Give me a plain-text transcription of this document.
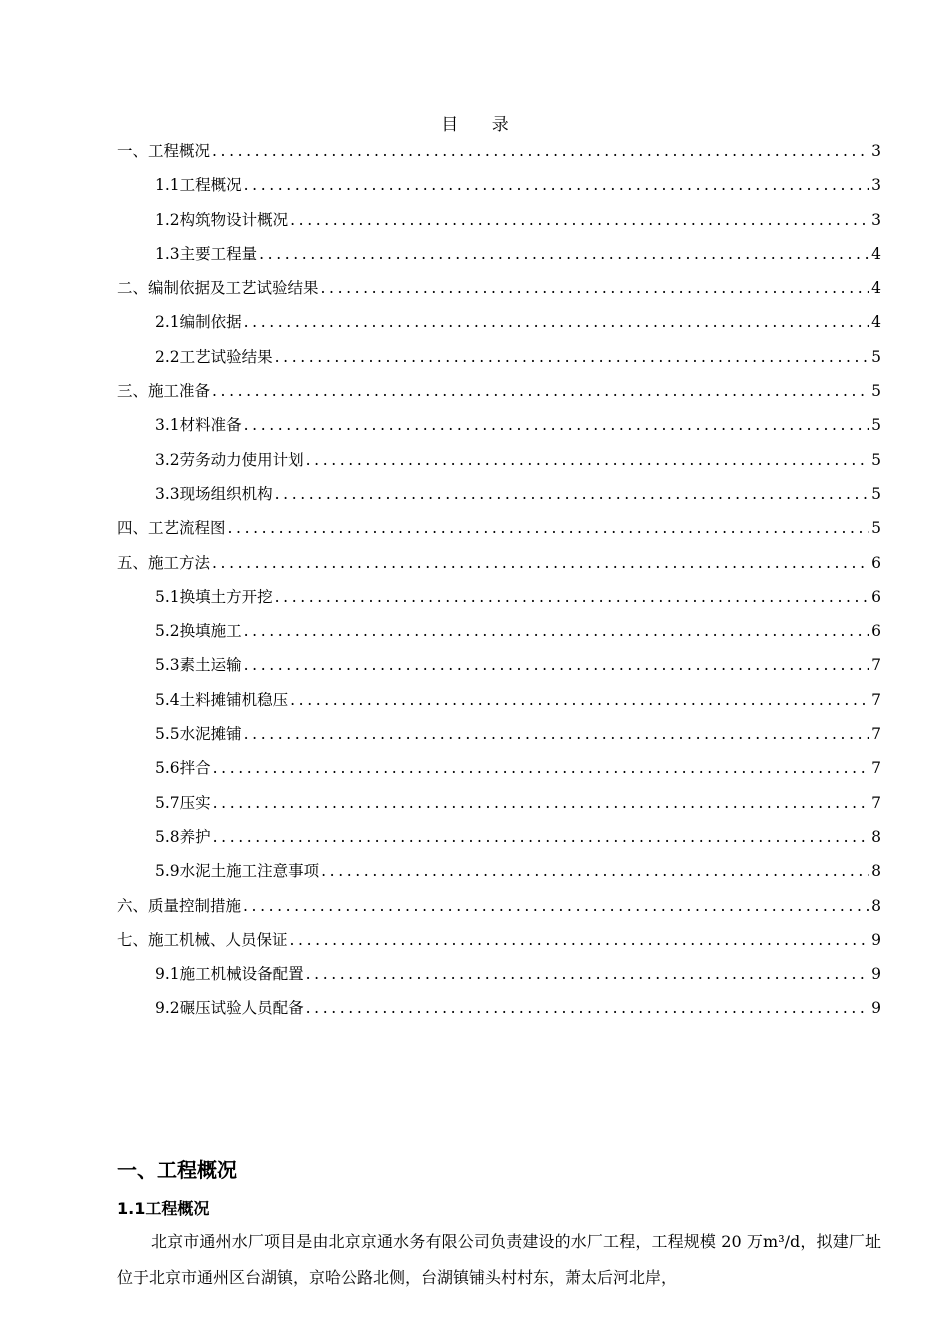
目 录
一、工程概况 .....	3
1.1工程概况 .....	3
1.2构筑物设计概况 .....	3
1.3主要工程量 .....	4
二、编制依据及工艺试验结果 .....	4
2.1编制依据 .....	4
2.2工艺试验结果 .....	5
三、施工准备 .....	5
3.1材料准备 .....	5
3.2劳务动力使用计划 .....	5
3.3现场组织机构 .....	5
四、工艺流程图 .....	5
五、施工方法 .....	6
5.1换填土方开挖 .....	6
5.2换填施工 .....	6
5.3素土运输 .....	7
5.4土料摊铺机稳压 .....	7
5.5水泥摊铺 .....	7
5.6拌合 .....	7
5.7压实 .....	7
5.8养护 .....	8
5.9水泥土施工注意事项 .....	8
六、质量控制措施 .....	8
七、施工机械、人员保证 .....	9
9.1施工机械设备配置 .....	9
9.2碾压试验人员配备 .....	9
一、工程概况
1.1工程概况
北京市通州水厂项目是由北京京通水务有限公司负责建设的水厂工程，工程规模 20 万m³/d，拟建厂址位于北京市通州区台湖镇，京哈公路北侧，台湖镇铺头村村东，萧太后河北岸，
